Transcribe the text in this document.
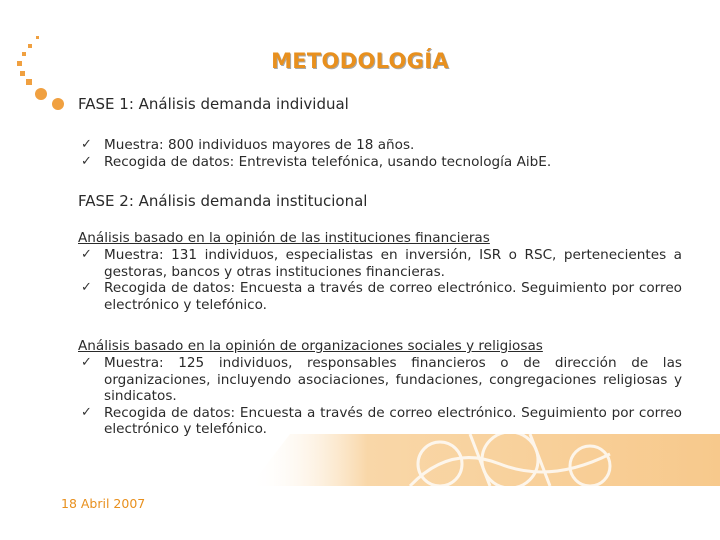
METODOLOGÍA

FASE 1: Análisis demanda individual

✓ Muestra: 800 individuos mayores de 18 años.
✓ Recogida de datos: Entrevista telefónica, usando tecnología AibE.

FASE 2: Análisis demanda institucional

Análisis basado en la opinión de las instituciones financieras
✓ Muestra: 131 individuos, especialistas en inversión, ISR o RSC, pertenecientes a gestoras, bancos y otras instituciones financieras.
✓ Recogida de datos: Encuesta a través de correo electrónico. Seguimiento por correo electrónico y telefónico.
Análisis basado en la opinión de organizaciones sociales y religiosas
✓ Muestra: 125 individuos, responsables financieros o de dirección de las organizaciones, incluyendo asociaciones, fundaciones, congregaciones religiosas y sindicatos.
✓ Recogida de datos: Encuesta a través de correo electrónico. Seguimiento por correo electrónico y telefónico.
18 Abril 2007
